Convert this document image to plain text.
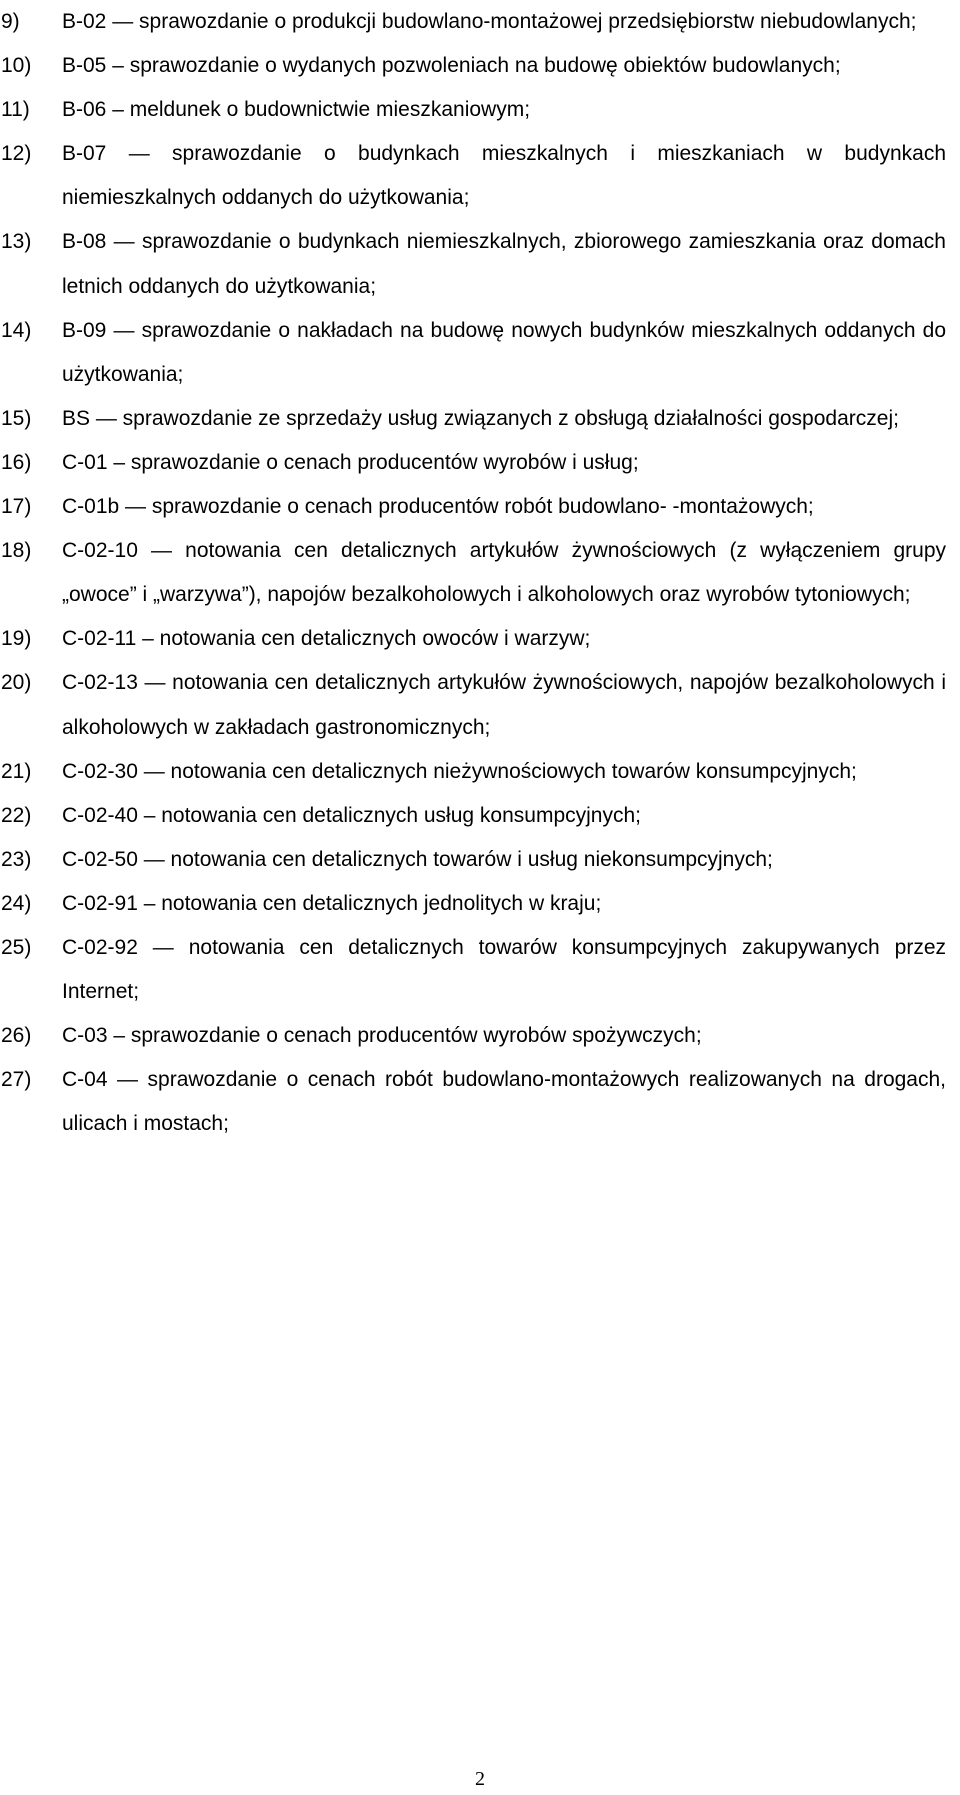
9)	B-02 — sprawozdanie o produkcji budowlano-montażowej przedsiębiorstw niebudowlanych;
10)	B-05 – sprawozdanie o wydanych pozwoleniach na budowę obiektów budowlanych;
11)	B-06 – meldunek o budownictwie mieszkaniowym;
12)	B-07 — sprawozdanie o budynkach mieszkalnych i mieszkaniach w budynkach niemieszkalnych oddanych do użytkowania;
13)	B-08 — sprawozdanie o budynkach niemieszkalnych, zbiorowego zamieszkania oraz domach letnich oddanych do użytkowania;
14)	B-09 — sprawozdanie o nakładach na budowę nowych budynków mieszkalnych oddanych do użytkowania;
15)	BS — sprawozdanie ze sprzedaży usług związanych z obsługą działalności gospodarczej;
16)	C-01 – sprawozdanie o cenach producentów wyrobów i usług;
17)	C-01b — sprawozdanie o cenach producentów robót budowlano- -montażowych;
18)	C-02-10 — notowania cen detalicznych artykułów żywnościowych (z wyłączeniem grupy „owoce” i „warzywa”), napojów bezalkoholowych i alkoholowych oraz wyrobów tytoniowych;
19)	C-02-11 – notowania cen detalicznych owoców i warzyw;
20)	C-02-13 — notowania cen detalicznych artykułów żywnościowych, napojów bezalkoholowych i alkoholowych w zakładach gastronomicznych;
21)	C-02-30 — notowania cen detalicznych nieżywnościowych towarów konsumpcyjnych;
22)	C-02-40 – notowania cen detalicznych usług konsumpcyjnych;
23)	C-02-50 — notowania cen detalicznych towarów i usług niekonsumpcyjnych;
24)	C-02-91 – notowania cen detalicznych jednolitych w kraju;
25)	C-02-92 — notowania cen detalicznych towarów konsumpcyjnych zakupywanych przez Internet;
26)	C-03 – sprawozdanie o cenach producentów wyrobów spożywczych;
27)	C-04 — sprawozdanie o cenach robót budowlano-montażowych realizowanych na drogach, ulicach i mostach;
2
